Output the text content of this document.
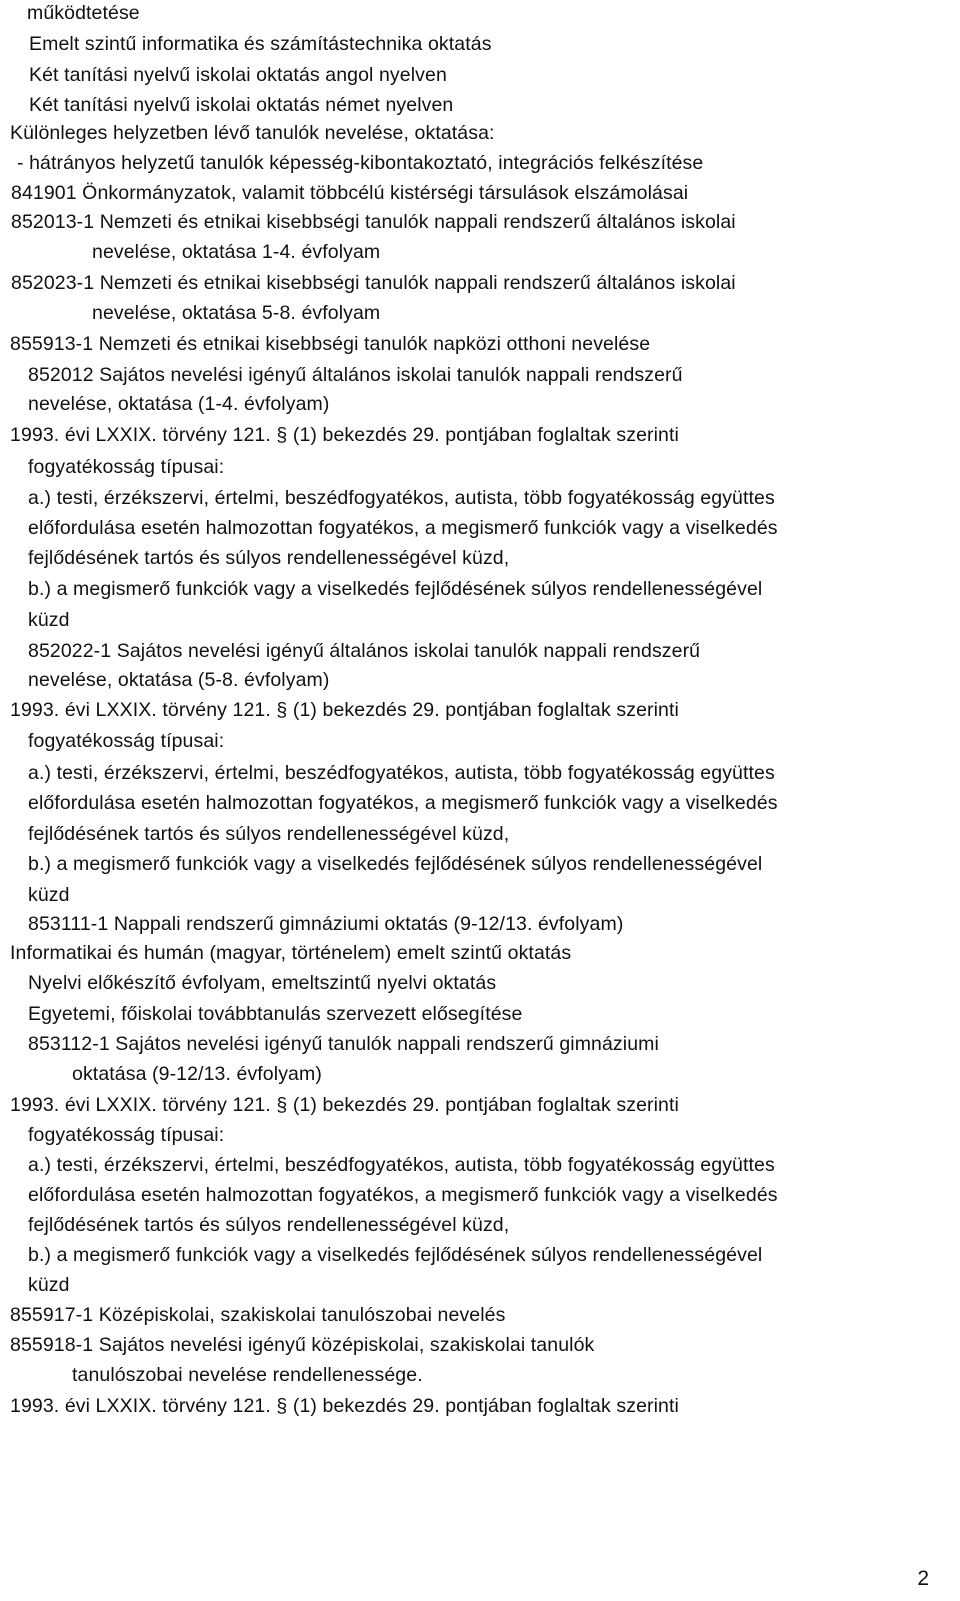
működtetése
Emelt szintű informatika és számítástechnika oktatás
Két tanítási nyelvű iskolai oktatás angol nyelven
Két tanítási nyelvű iskolai oktatás német nyelven
Különleges helyzetben lévő tanulók nevelése, oktatása:
- hátrányos helyzetű tanulók képesség-kibontakoztató, integrációs felkészítése
841901 Önkormányzatok, valamit többcélú kistérségi társulások elszámolásai
852013-1 Nemzeti és etnikai kisebbségi tanulók nappali rendszerű általános iskolai
nevelése, oktatása 1-4. évfolyam
852023-1 Nemzeti és etnikai kisebbségi tanulók nappali rendszerű általános iskolai
nevelése, oktatása 5-8. évfolyam
855913-1 Nemzeti és etnikai kisebbségi tanulók napközi otthoni nevelése
852012 Sajátos nevelési igényű általános iskolai tanulók nappali rendszerű
nevelése, oktatása (1-4. évfolyam)
1993. évi LXXIX. törvény 121. § (1) bekezdés 29. pontjában foglaltak szerinti
fogyatékosság típusai:
a.) testi, érzékszervi, értelmi, beszédfogyatékos, autista, több fogyatékosság együttes
előfordulása esetén halmozottan fogyatékos, a megismerő funkciók vagy a viselkedés
fejlődésének tartós és súlyos rendellenességével küzd,
b.) a megismerő funkciók vagy a viselkedés fejlődésének súlyos rendellenességével
küzd
852022-1 Sajátos nevelési igényű általános iskolai tanulók nappali rendszerű
nevelése, oktatása (5-8. évfolyam)
1993. évi LXXIX. törvény 121. § (1) bekezdés 29. pontjában foglaltak szerinti
fogyatékosság típusai:
a.) testi, érzékszervi, értelmi, beszédfogyatékos, autista, több fogyatékosság együttes
előfordulása esetén halmozottan fogyatékos, a megismerő funkciók vagy a viselkedés
fejlődésének tartós és súlyos rendellenességével küzd,
b.) a megismerő funkciók vagy a viselkedés fejlődésének súlyos rendellenességével
küzd
853111-1 Nappali rendszerű gimnáziumi oktatás (9-12/13. évfolyam)
Informatikai és humán (magyar, történelem) emelt szintű oktatás
Nyelvi előkészítő évfolyam, emeltszintű nyelvi oktatás
Egyetemi, főiskolai továbbtanulás szervezett elősegítése
853112-1 Sajátos nevelési igényű tanulók nappali rendszerű gimnáziumi
oktatása (9-12/13. évfolyam)
1993. évi LXXIX. törvény 121. § (1) bekezdés 29. pontjában foglaltak szerinti
fogyatékosság típusai:
a.) testi, érzékszervi, értelmi, beszédfogyatékos, autista, több fogyatékosság együttes
előfordulása esetén halmozottan fogyatékos, a megismerő funkciók vagy a viselkedés
fejlődésének tartós és súlyos rendellenességével küzd,
b.) a megismerő funkciók vagy a viselkedés fejlődésének súlyos rendellenességével
küzd
855917-1 Középiskolai, szakiskolai tanulószobai nevelés
855918-1 Sajátos nevelési igényű középiskolai, szakiskolai tanulók
tanulószobai nevelése rendellenessége.
1993. évi LXXIX. törvény 121. § (1) bekezdés 29. pontjában foglaltak szerinti
2
